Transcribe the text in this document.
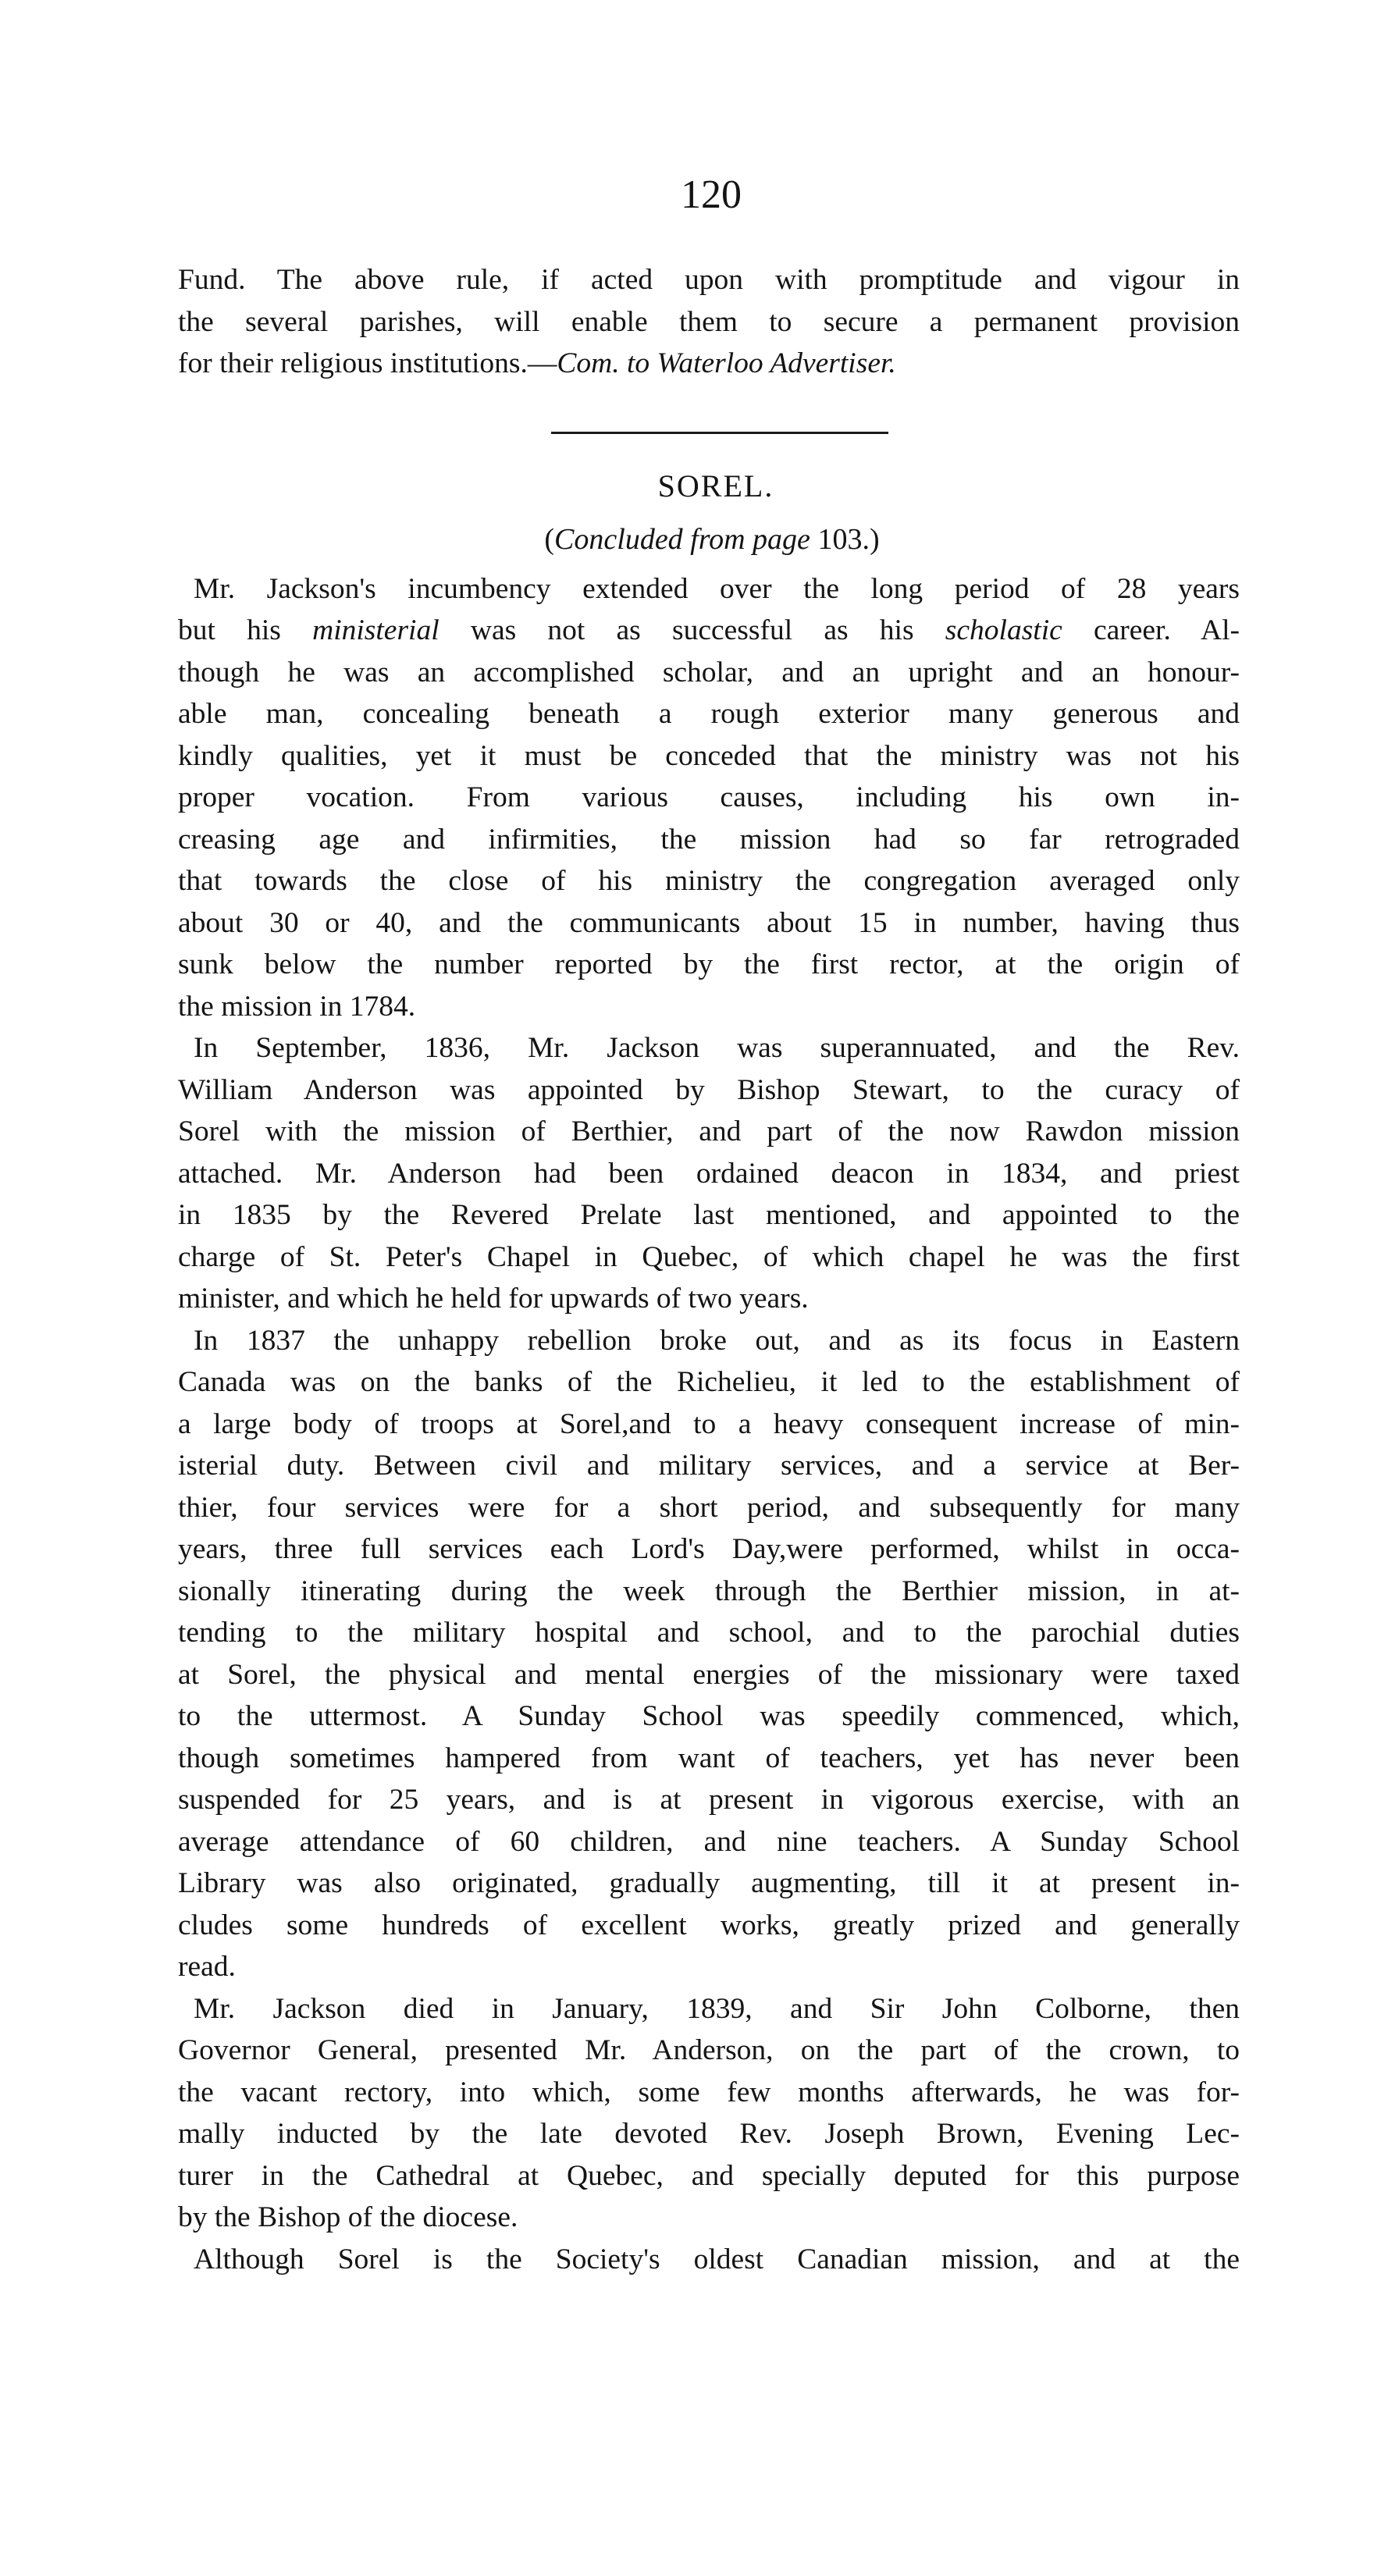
120
Fund. The above rule, if acted upon with promptitude and vigour in
the several parishes, will enable them to secure a permanent provision
for their religious institutions.—Com. to Waterloo Advertiser.
SOREL.
(Concluded from page 103.)
Mr. Jackson's incumbency extended over the long period of 28 years
but his ministerial was not as successful as his scholastic career. Al-
though he was an accomplished scholar, and an upright and an honour-
able man, concealing beneath a rough exterior many generous and
kindly qualities, yet it must be conceded that the ministry was not his
proper vocation. From various causes, including his own in-
creasing age and infirmities, the mission had so far retrograded
that towards the close of his ministry the congregation averaged only
about 30 or 40, and the communicants about 15 in number, having thus
sunk below the number reported by the first rector, at the origin of
the mission in 1784.
In September, 1836, Mr. Jackson was superannuated, and the Rev.
William Anderson was appointed by Bishop Stewart, to the curacy of
Sorel with the mission of Berthier, and part of the now Rawdon mission
attached. Mr. Anderson had been ordained deacon in 1834, and priest
in 1835 by the Revered Prelate last mentioned, and appointed to the
charge of St. Peter's Chapel in Quebec, of which chapel he was the first
minister, and which he held for upwards of two years.
In 1837 the unhappy rebellion broke out, and as its focus in Eastern
Canada was on the banks of the Richelieu, it led to the establishment of
a large body of troops at Sorel,and to a heavy consequent increase of min-
isterial duty. Between civil and military services, and a service at Ber-
thier, four services were for a short period, and subsequently for many
years, three full services each Lord's Day,were performed, whilst in occa-
sionally itinerating during the week through the Berthier mission, in at-
tending to the military hospital and school, and to the parochial duties
at Sorel, the physical and mental energies of the missionary were taxed
to the uttermost. A Sunday School was speedily commenced, which,
though sometimes hampered from want of teachers, yet has never been
suspended for 25 years, and is at present in vigorous exercise, with an
average attendance of 60 children, and nine teachers. A Sunday School
Library was also originated, gradually augmenting, till it at present in-
cludes some hundreds of excellent works, greatly prized and generally
read.
Mr. Jackson died in January, 1839, and Sir John Colborne, then
Governor General, presented Mr. Anderson, on the part of the crown, to
the vacant rectory, into which, some few months afterwards, he was for-
mally inducted by the late devoted Rev. Joseph Brown, Evening Lec-
turer in the Cathedral at Quebec, and specially deputed for this purpose
by the Bishop of the diocese.
Although Sorel is the Society's oldest Canadian mission, and at the
